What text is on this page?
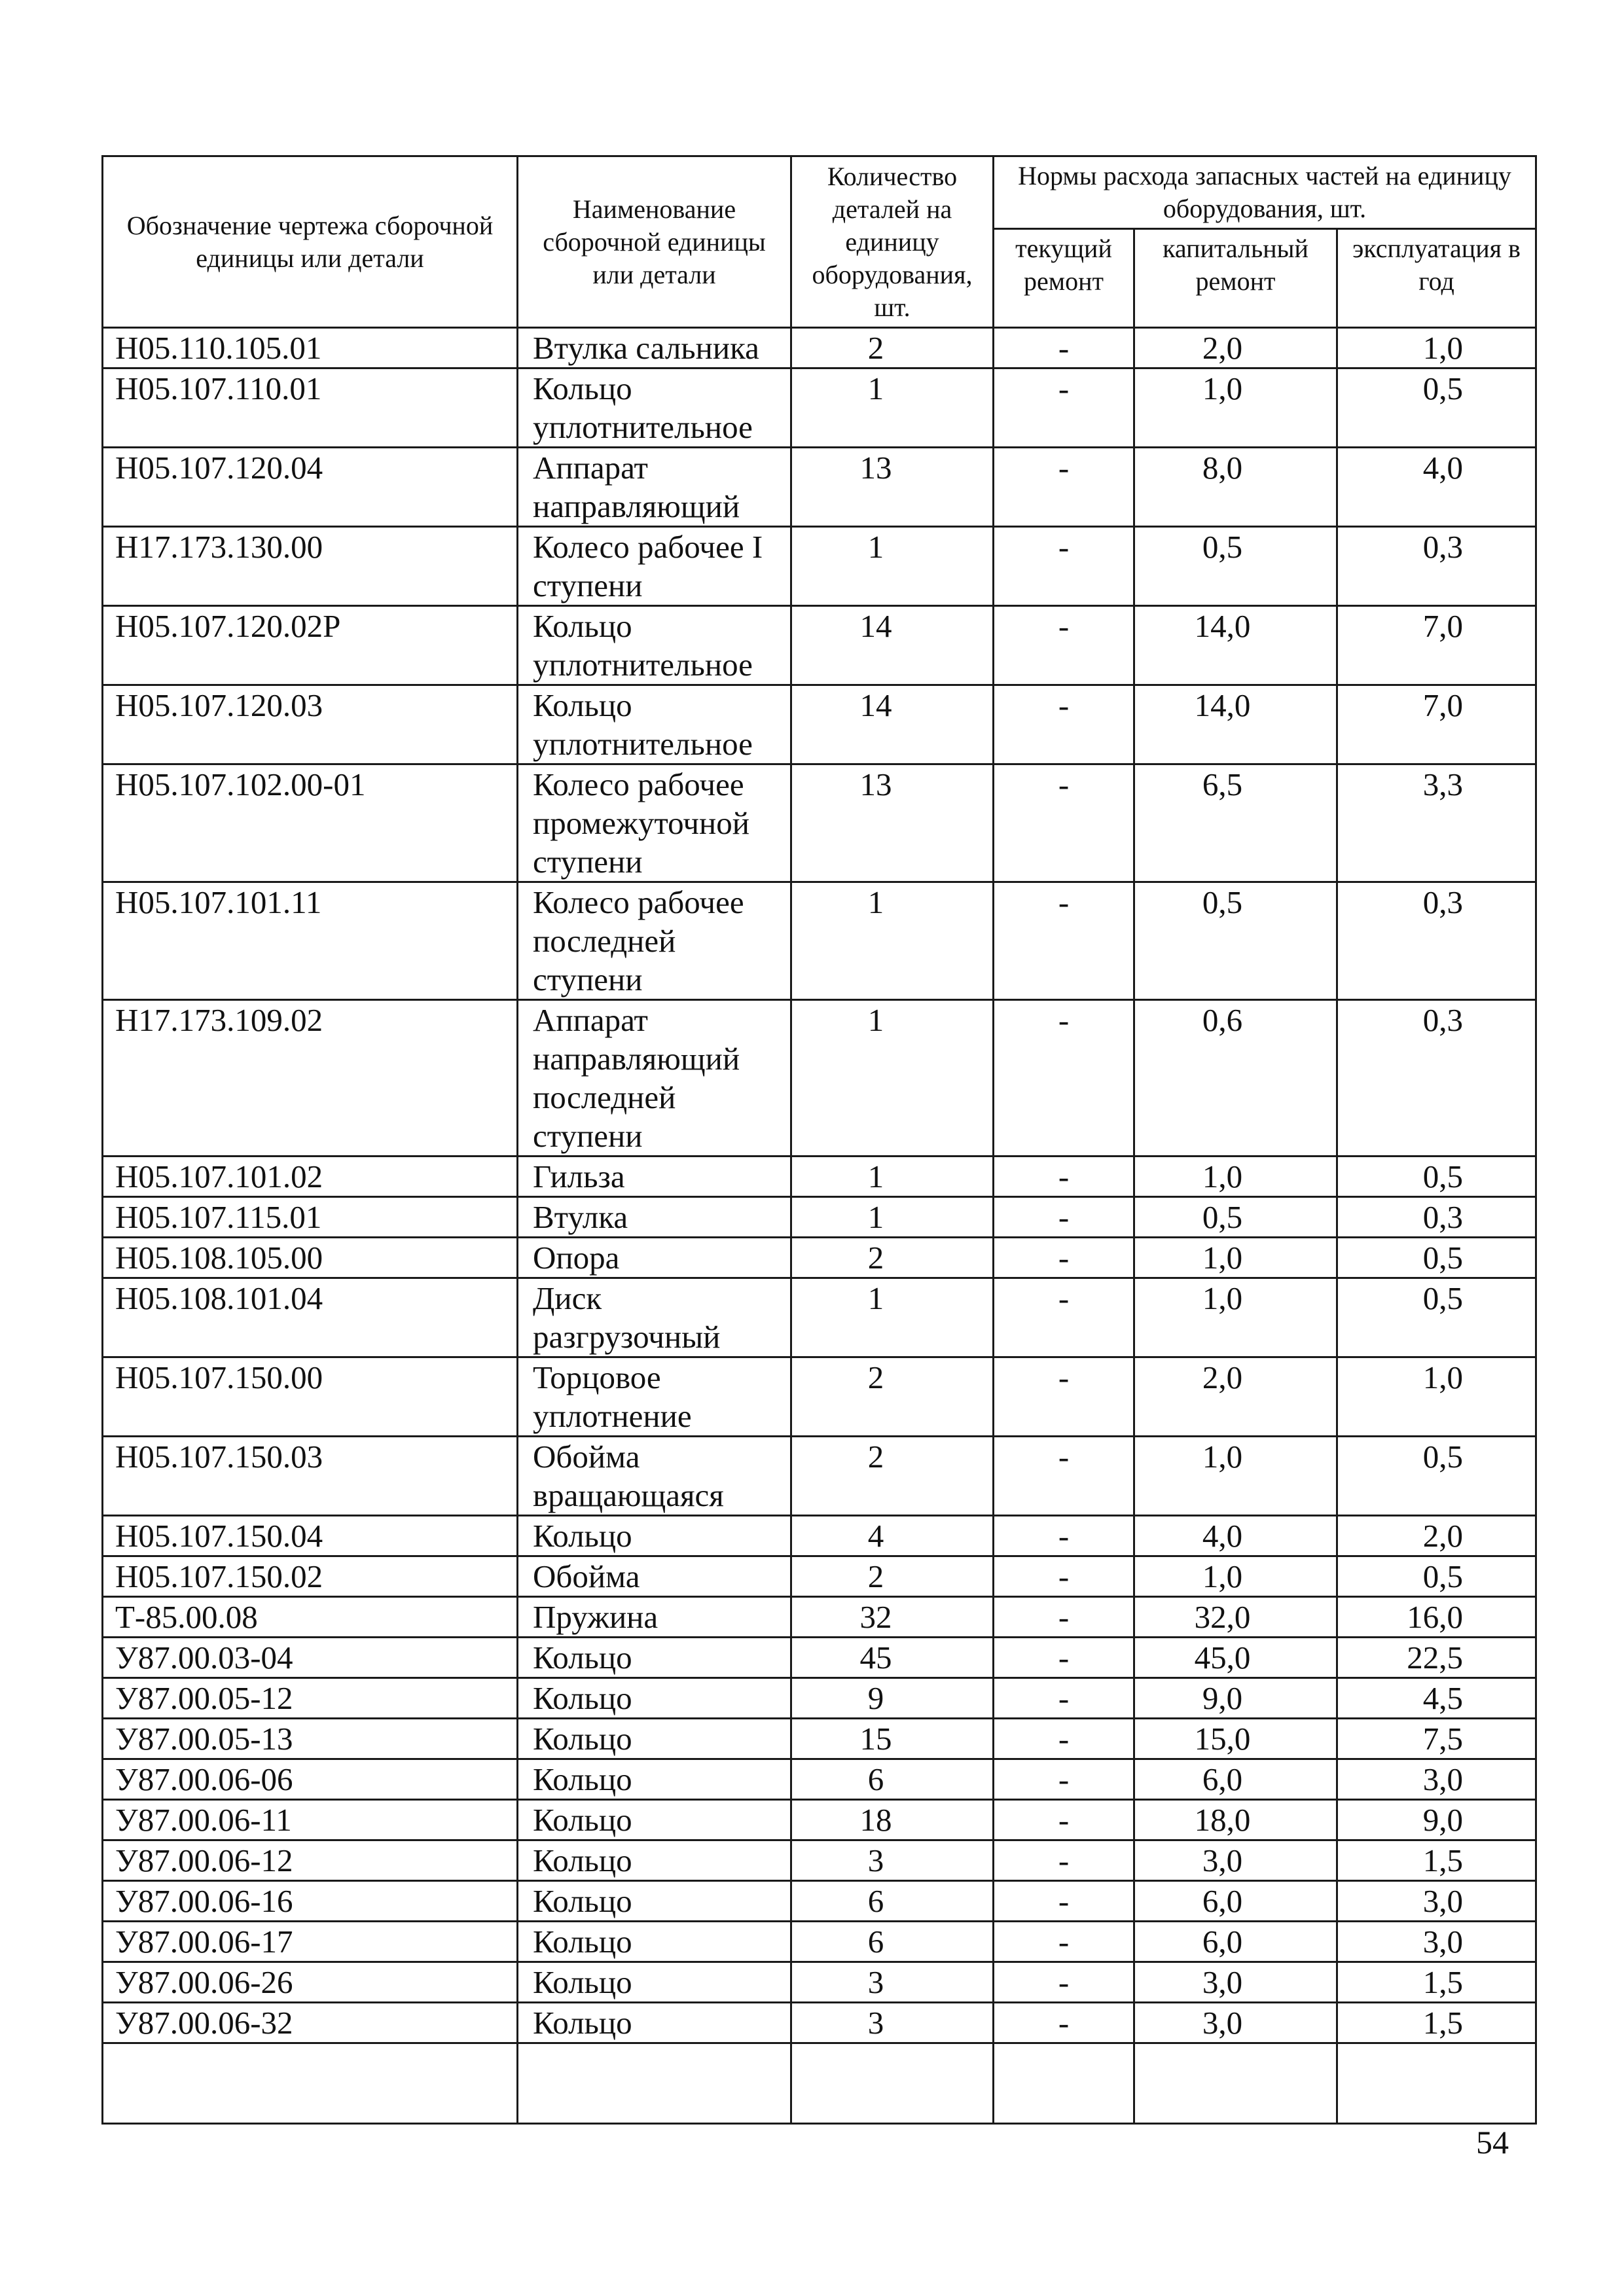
Обозначение чертежа сборочной единицы или детали	Наименование сборочной единицы или детали	Количество деталей на единицу оборудования, шт.	Нормы расхода запасных частей на единицу оборудования, шт.		
			текущий ремонт	капитальный ремонт	эксплуатация в год
Н05.110.105.01	Втулка сальника	2	-	2,0	1,0
Н05.107.110.01	Кольцо уплотнительное	1	-	1,0	0,5
Н05.107.120.04	Аппарат направляющий	13	-	8,0	4,0
Н17.173.130.00	Колесо рабочее I ступени	1	-	0,5	0,3
Н05.107.120.02Р	Кольцо уплотнительное	14	-	14,0	7,0
Н05.107.120.03	Кольцо уплотнительное	14	-	14,0	7,0
Н05.107.102.00-01	Колесо рабочее промежуточной ступени	13	-	6,5	3,3
Н05.107.101.11	Колесо рабочее последней ступени	1	-	0,5	0,3
Н17.173.109.02	Аппарат направляющий последней ступени	1	-	0,6	0,3
Н05.107.101.02	Гильза	1	-	1,0	0,5
Н05.107.115.01	Втулка	1	-	0,5	0,3
Н05.108.105.00	Опора	2	-	1,0	0,5
Н05.108.101.04	Диск разгрузочный	1	-	1,0	0,5
Н05.107.150.00	Торцовое уплотнение	2	-	2,0	1,0
Н05.107.150.03	Обойма вращающаяся	2	-	1,0	0,5
Н05.107.150.04	Кольцо	4	-	4,0	2,0
Н05.107.150.02	Обойма	2	-	1,0	0,5
Т-85.00.08	Пружина	32	-	32,0	16,0
У87.00.03-04	Кольцо	45	-	45,0	22,5
У87.00.05-12	Кольцо	9	-	9,0	4,5
У87.00.05-13	Кольцо	15	-	15,0	7,5
У87.00.06-06	Кольцо	6	-	6,0	3,0
У87.00.06-11	Кольцо	18	-	18,0	9,0
У87.00.06-12	Кольцо	3	-	3,0	1,5
У87.00.06-16	Кольцо	6	-	6,0	3,0
У87.00.06-17	Кольцо	6	-	6,0	3,0
У87.00.06-26	Кольцо	3	-	3,0	1,5
У87.00.06-32	Кольцо	3	-	3,0	1,5

54
